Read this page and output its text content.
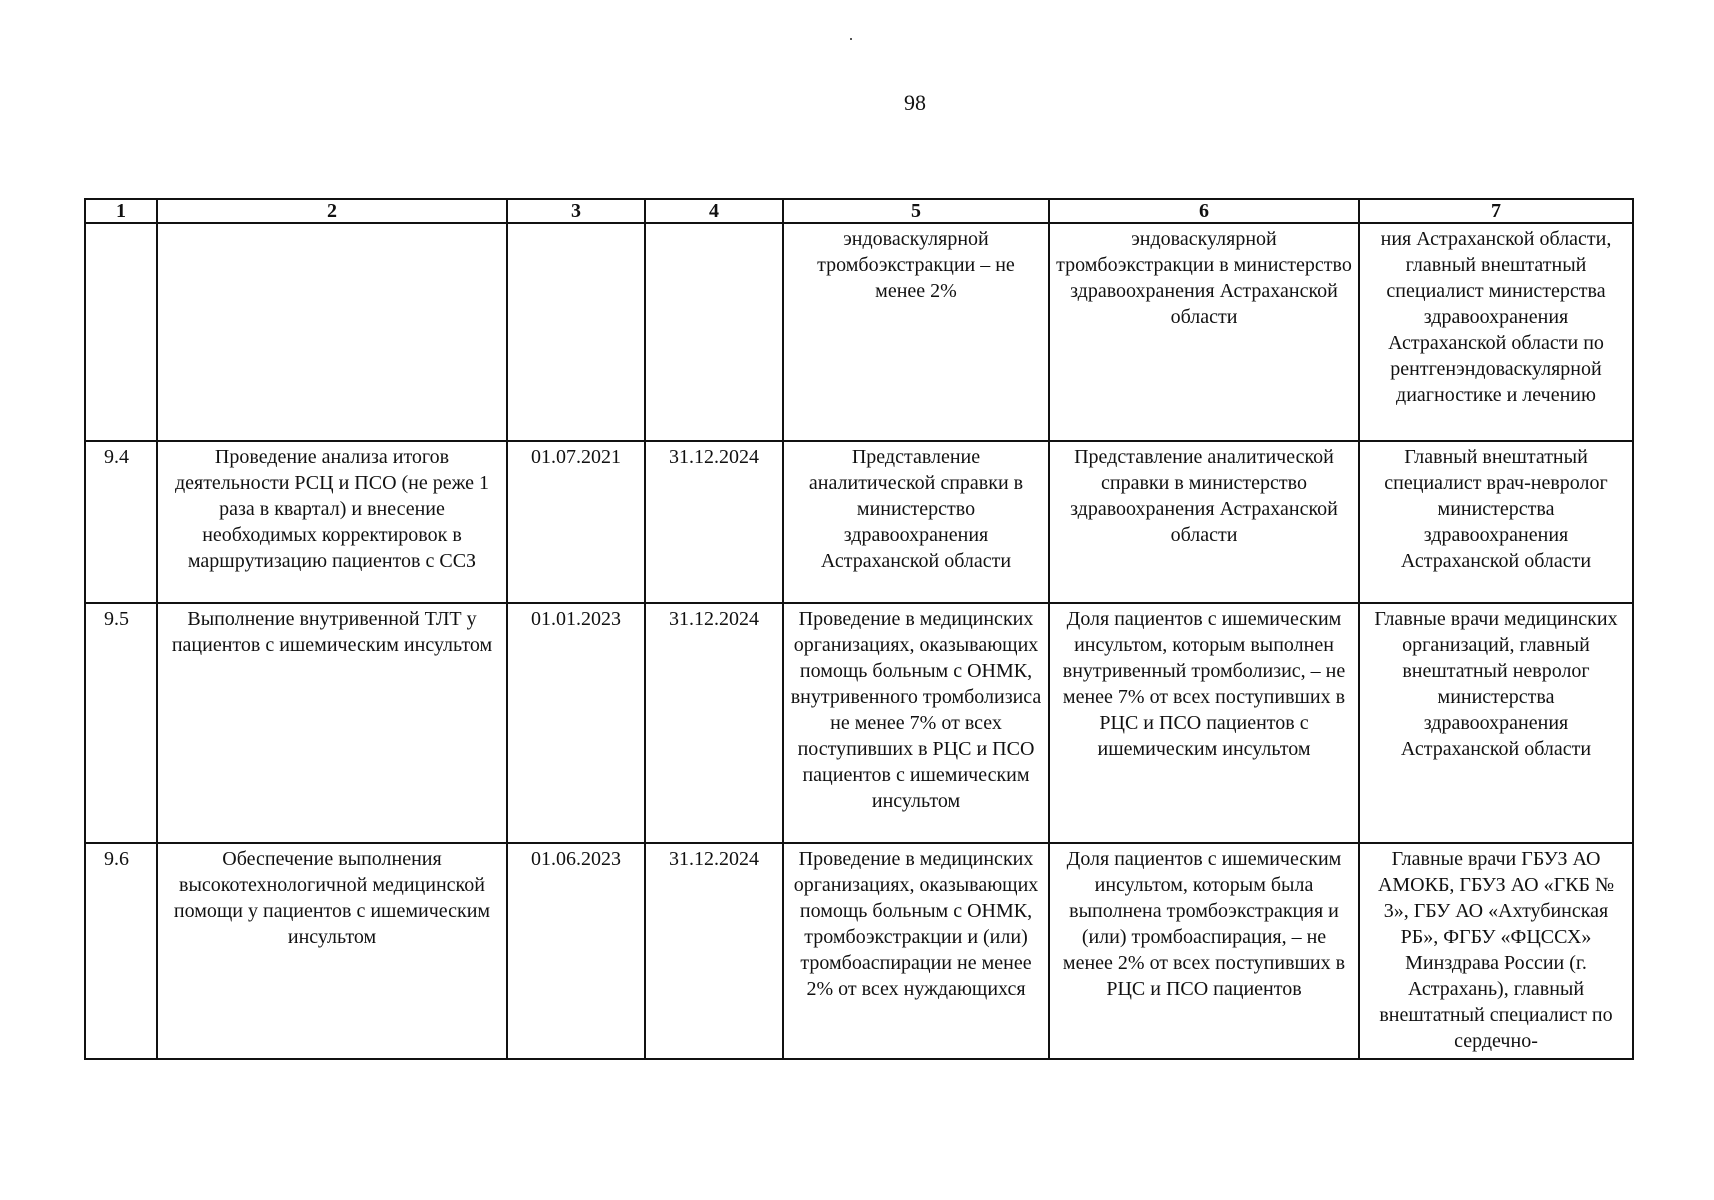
98
1	2	3	4	5	6	7
				эндоваскулярной тромбоэкстракции – не менее 2%	эндоваскулярной тромбоэкстракции в министерство здравоохранения Астраханской области	ния Астраханской области, главный внештатный специалист министерства здравоохранения Астраханской области по рентгенэндоваскулярной диагностике и лечению
9.4	Проведение анализа итогов деятельности РСЦ и ПСО (не реже 1 раза в квартал) и внесение необходимых корректировок в маршрутизацию пациентов с ССЗ	01.07.2021	31.12.2024	Представление аналитической справки в министерство здравоохранения Астраханской области	Представление аналитической справки в министерство здравоохранения Астраханской области	Главный внештатный специалист врач-невролог министерства здравоохранения Астраханской области
9.5	Выполнение внутривенной ТЛТ у пациентов с ишемическим инсультом	01.01.2023	31.12.2024	Проведение в медицинских организациях, оказывающих помощь больным с ОНМК, внутривенного тромболизиса не менее 7% от всех поступивших в РЦС и ПСО пациентов с ишемическим инсультом	Доля пациентов с ишемическим инсультом, которым выполнен внутривенный тромболизис, – не менее 7% от всех поступивших в РЦС и ПСО пациентов с ишемическим инсультом	Главные врачи медицинских организаций, главный внештатный невролог министерства здравоохранения Астраханской области
9.6	Обеспечение выполнения высокотехнологичной медицинской помощи у пациентов с ишемическим инсультом	01.06.2023	31.12.2024	Проведение в медицинских организациях, оказывающих помощь больным с ОНМК, тромбоэкстракции и (или) тромбоаспирации не менее 2% от всех нуждающихся	Доля пациентов с ишемическим инсультом, которым была выполнена тромбоэкстракция и (или) тромбоаспирация, – не менее 2% от всех поступивших в РЦС и ПСО пациентов	Главные врачи ГБУЗ АО АМОКБ, ГБУЗ АО «ГКБ № 3», ГБУ АО «Ахтубинская РБ», ФГБУ «ФЦССХ» Минздрава России (г. Астрахань), главный внештатный специалист по сердечно-
